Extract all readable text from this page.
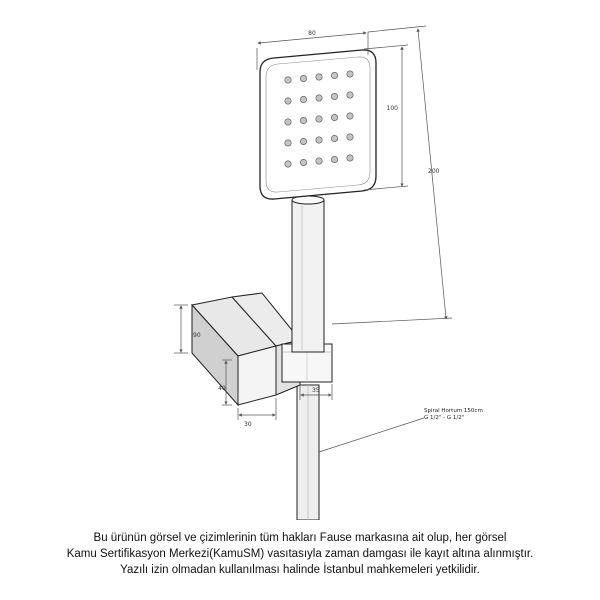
80
100
200
90
40
30
35
Spiral Hortum 150cm
G 1/2" - G 1/2"
Bu ürünün görsel ve çizimlerinin tüm hakları Fause markasına ait olup, her görsel
Kamu Sertifikasyon Merkezi(KamuSM) vasıtasıyla zaman damgası ile kayıt altına alınmıştır.
Yazılı izin olmadan kullanılması halinde İstanbul mahkemeleri yetkilidir.
